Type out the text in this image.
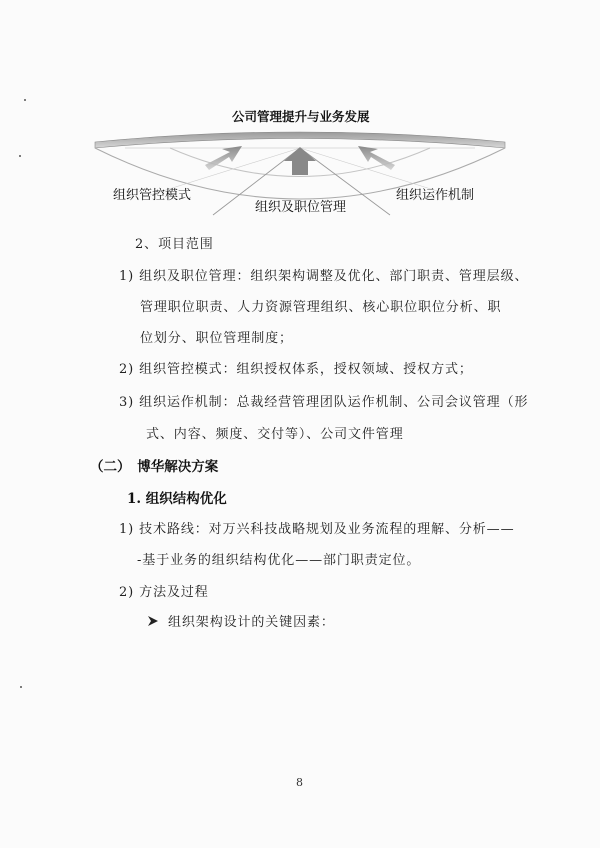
公司管理提升与业务发展
组织管控模式
组织及职位管理
组织运作机制
2、项目范围
1) 组织及职位管理：组织架构调整及优化、部门职责、管理层级、
管理职位职责、人力资源管理组织、核心职位职位分析、职
位划分、职位管理制度；
2) 组织管控模式：组织授权体系，授权领域、授权方式；
3) 组织运作机制：总裁经营管理团队运作机制、公司会议管理（形
式、内容、频度、交付等）、公司文件管理
（二）　博华解决方案
1. 组织结构优化
1) 技术路线：对万兴科技战略规划及业务流程的理解、分析——
-基于业务的组织结构优化——部门职责定位。
2) 方法及过程
组织架构设计的关键因素：
8
